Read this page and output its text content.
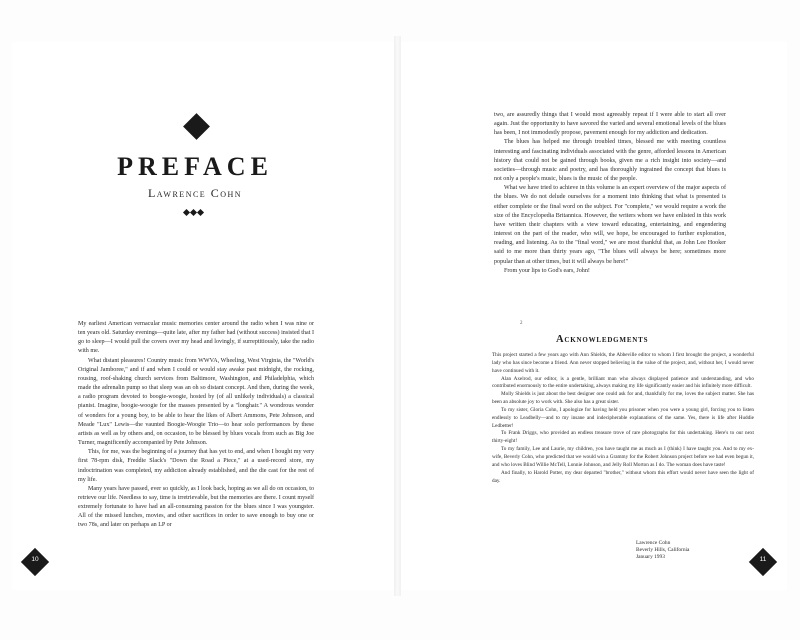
PREFACE
Lawrence Cohn

My earliest American vernacular music memories center around the radio when I was nine or ten years old. Saturday evenings—quite late, after my father had (without success) insisted that I go to sleep—I would pull the covers over my head and lovingly, if surreptitiously, take the radio with me.

What distant pleasures! Country music from WWVA, Wheeling, West Virginia, the "World's Original Jamboree," and if and when I could or would stay awake past midnight, the rocking, rousing, roof-shaking church services from Baltimore, Washington, and Philadelphia, which made the adrenalin pump so that sleep was an oh so distant concept. And then, during the week, a radio program devoted to boogie-woogie, hosted by (of all unlikely individuals) a classical pianist. Imagine, boogie-woogie for the masses presented by a "longhair." A wondrous wonder of wonders for a young boy, to be able to hear the likes of Albert Ammons, Pete Johnson, and Meade "Lux" Lewis—the vaunted Boogie-Woogie Trio—to hear solo performances by these artists as well as by others and, on occasion, to be blessed by blues vocals from such as Big Joe Turner, magnificently accompanied by Pete Johnson.

This, for me, was the beginning of a journey that has yet to end, and when I bought my very first 78-rpm disk, Freddie Slack's "Down the Road a Piece," at a used-record store, my indoctrination was completed, my addiction already established, and the die cast for the rest of my life.

Many years have passed, ever so quickly, as I look back, hoping as we all do on occasion, to retrieve our life. Needless to say, time is irretrievable, but the memories are there. I count myself extremely fortunate to have had an all-consuming passion for the blues since I was youngster. All of the missed lunches, movies, and other sacrifices in order to save enough to buy one or two 78s, and later on perhaps an LP or

10

two, are assuredly things that I would most agreeably repeat if I were able to start all over again. Just the opportunity to have savored the varied and several emotional levels of the blues has been, I not immodestly propose, pavement enough for my addiction and dedication.

The blues has helped me through troubled times, blessed me with meeting countless interesting and fascinating individuals associated with the genre, afforded lessons in American history that could not be gained through books, given me a rich insight into society—and societies—through music and poetry, and has thoroughly ingrained the concept that blues is not only a people's music, blues is the music of the people.

What we have tried to achieve in this volume is an expert overview of the major aspects of the blues. We do not delude ourselves for a moment into thinking that what is presented is either complete or the final word on the subject. For "complete," we would require a work the size of the Encyclopedia Britannica. However, the writers whom we have enlisted in this work have written their chapters with a view toward educating, entertaining, and engendering interest on the part of the reader, who will, we hope, be encouraged to further exploration, reading, and listening. As to the "final word," we are most thankful that, as John Lee Hooker said to me more than thirty years ago, "The blues will always be here; sometimes more popular than at other times, but it will always be here!"

From your lips to God's ears, John!

2
Acknowledgments

This project started a few years ago with Ann Shields, the Abbeville editor to whom I first brought the project, a wonderful lady who has since become a friend. Ann never stopped believing in the value of the project, and, without her, I would never have continued with it.

Alan Axelrod, our editor, is a gentle, brilliant man who always displayed patience and understanding, and who contributed enormously to the entire undertaking, always making my life significantly easier and his infinitely more difficult.

Molly Shields is just about the best designer one could ask for and, thankfully for me, loves the subject matter. She has been an absolute joy to work with. She also has a great sister.

To my sister, Gloria Cohn, I apologize for having held you prisoner when you were a young girl, forcing you to listen endlessly to Leadbelly—and to my insane and indecipherable explanations of the same. Yes, there is life after Huddie Ledbetter!

To Frank Driggs, who provided an endless treasure trove of rare photographs for this undertaking. Here's to our next thirty-eight!

To my family, Lee and Laurie, my children, you have taught me as much as I (think) I have taught you. And to my ex-wife, Beverly Cohn, who predicted that we would win a Grammy for the Robert Johnson project before we had even begun it, and who loves Blind Willie McTell, Lonnie Johnson, and Jelly Roll Morton as I do. The woman does have taste!

And finally, to Harold Potter, my dear departed "brother," without whom this effort would never have seen the light of day.

Lawrence Cohn
Beverly Hills, California
January 1993	11
